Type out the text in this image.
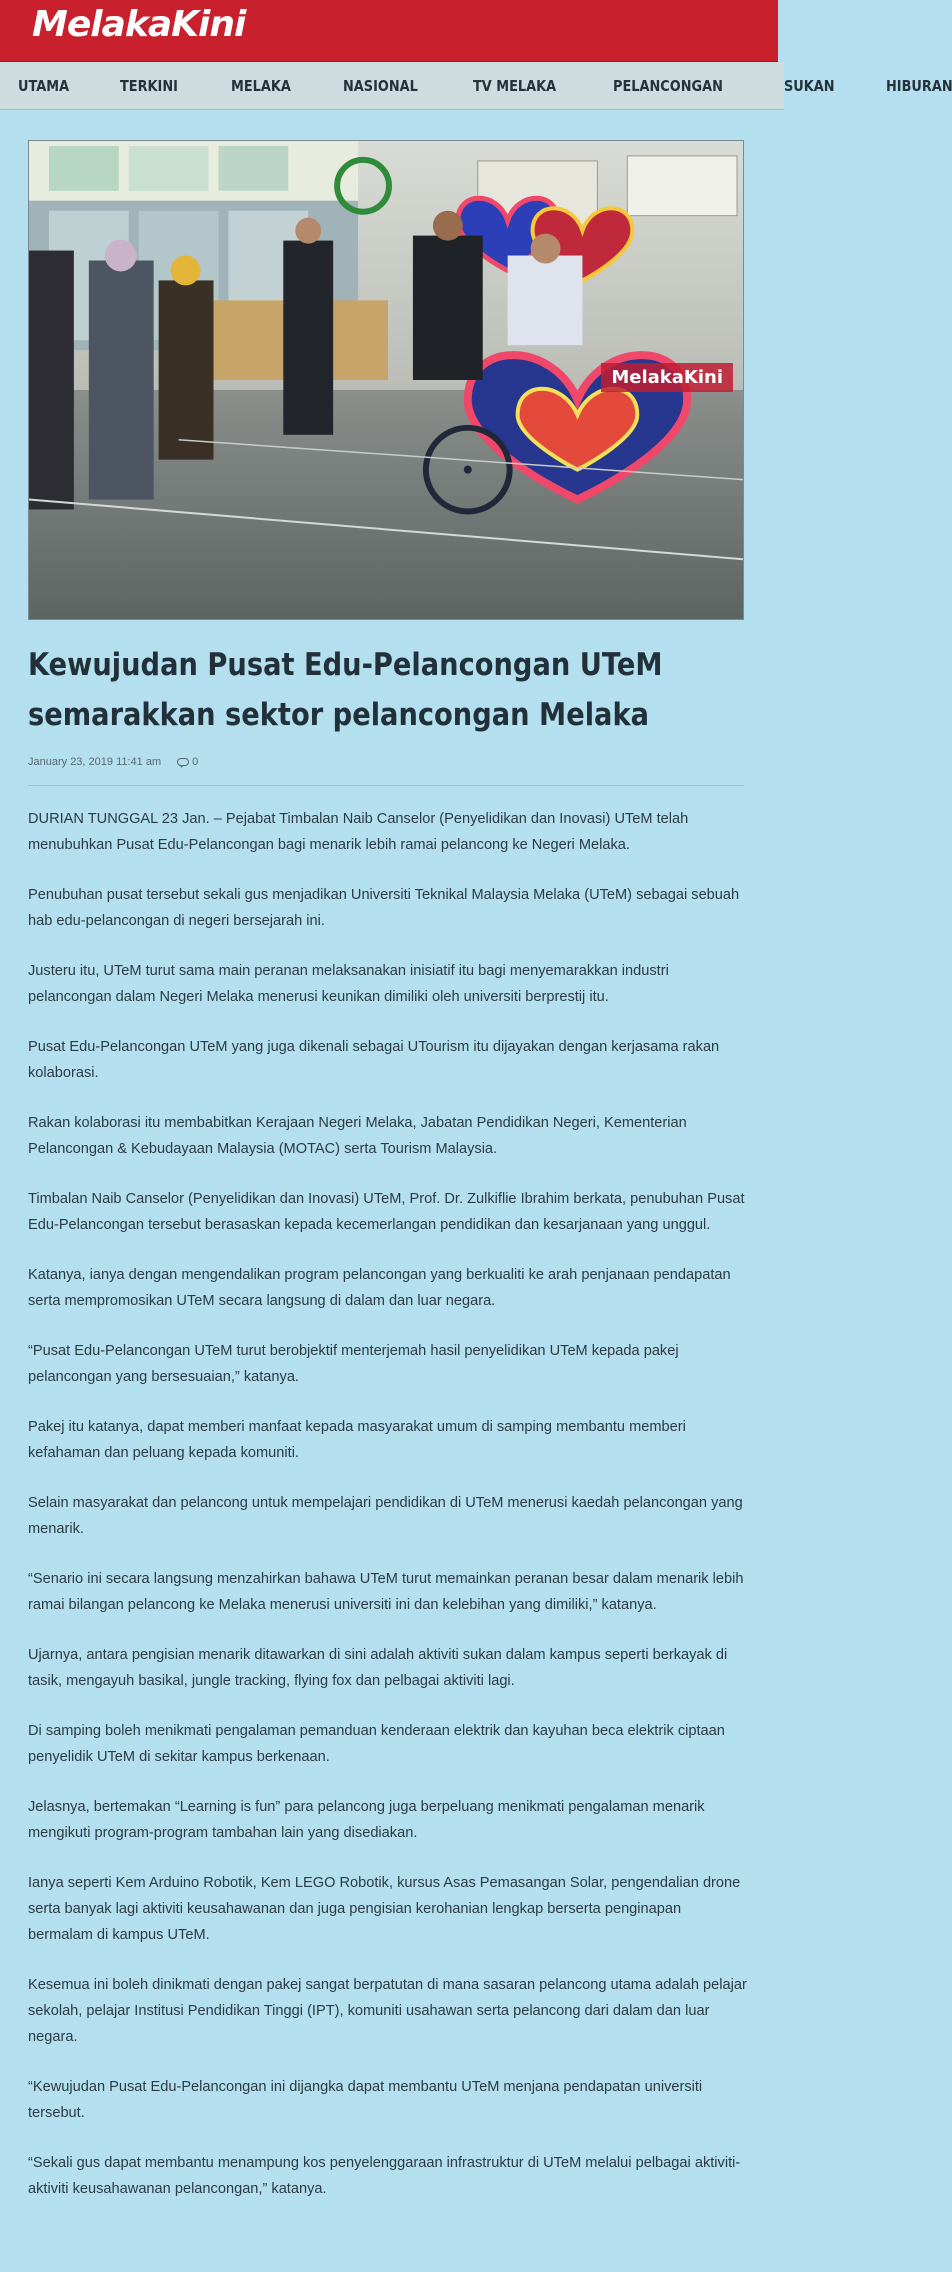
MelakaKini
UTAMA	TERKINI	MELAKA	NASIONAL	TV MELAKA	PELANCONGAN	SUKAN	HIBURAN
MelakaKini
Kewujudan Pusat Edu-Pelancongan UTeM semarakkan sektor pelancongan Melaka
January 23, 2019 11:41 am	0

DURIAN TUNGGAL 23 Jan. – Pejabat Timbalan Naib Canselor (Penyelidikan dan Inovasi) UTeM telah menubuhkan Pusat Edu-Pelancongan bagi menarik lebih ramai pelancong ke Negeri Melaka.

Penubuhan pusat tersebut sekali gus menjadikan Universiti Teknikal Malaysia Melaka (UTeM) sebagai sebuah hab edu-pelancongan di negeri bersejarah ini.

Justeru itu, UTeM turut sama main peranan melaksanakan inisiatif itu bagi menyemarakkan industri pelancongan dalam Negeri Melaka menerusi keunikan dimiliki oleh universiti berprestij itu.

Pusat Edu-Pelancongan UTeM yang juga dikenali sebagai UTourism itu dijayakan dengan kerjasama rakan kolaborasi.

Rakan kolaborasi itu membabitkan Kerajaan Negeri Melaka, Jabatan Pendidikan Negeri, Kementerian Pelancongan & Kebudayaan Malaysia (MOTAC) serta Tourism Malaysia.

Timbalan Naib Canselor (Penyelidikan dan Inovasi) UTeM, Prof. Dr. Zulkiflie Ibrahim berkata, penubuhan Pusat Edu-Pelancongan tersebut berasaskan kepada kecemerlangan pendidikan dan kesarjanaan yang unggul.

Katanya, ianya dengan mengendalikan program pelancongan yang berkualiti ke arah penjanaan pendapatan serta mempromosikan UTeM secara langsung di dalam dan luar negara.

“Pusat Edu-Pelancongan UTeM turut berobjektif menterjemah hasil penyelidikan UTeM kepada pakej pelancongan yang bersesuaian,” katanya.

Pakej itu katanya, dapat memberi manfaat kepada masyarakat umum di samping membantu memberi kefahaman dan peluang kepada komuniti.

Selain masyarakat dan pelancong untuk mempelajari pendidikan di UTeM menerusi kaedah pelancongan yang menarik.

“Senario ini secara langsung menzahirkan bahawa UTeM turut memainkan peranan besar dalam menarik lebih ramai bilangan pelancong ke Melaka menerusi universiti ini dan kelebihan yang dimiliki,” katanya.

Ujarnya, antara pengisian menarik ditawarkan di sini adalah aktiviti sukan dalam kampus seperti berkayak di tasik, mengayuh basikal, jungle tracking, flying fox dan pelbagai aktiviti lagi.

Di samping boleh menikmati pengalaman pemanduan kenderaan elektrik dan kayuhan beca elektrik ciptaan penyelidik UTeM di sekitar kampus berkenaan.

Jelasnya, bertemakan “Learning is fun” para pelancong juga berpeluang menikmati pengalaman menarik mengikuti program-program tambahan lain yang disediakan.

Ianya seperti Kem Arduino Robotik, Kem LEGO Robotik, kursus Asas Pemasangan Solar, pengendalian drone serta banyak lagi aktiviti keusahawanan dan juga pengisian kerohanian lengkap berserta penginapan bermalam di kampus UTeM.

Kesemua ini boleh dinikmati dengan pakej sangat berpatutan di mana sasaran pelancong utama adalah pelajar sekolah, pelajar Institusi Pendidikan Tinggi (IPT), komuniti usahawan serta pelancong dari dalam dan luar negara.

“Kewujudan Pusat Edu-Pelancongan ini dijangka dapat membantu UTeM menjana pendapatan universiti tersebut.

“Sekali gus dapat membantu menampung kos penyelenggaraan infrastruktur di UTeM melalui pelbagai aktiviti-aktiviti keusahawanan pelancongan,” katanya.
